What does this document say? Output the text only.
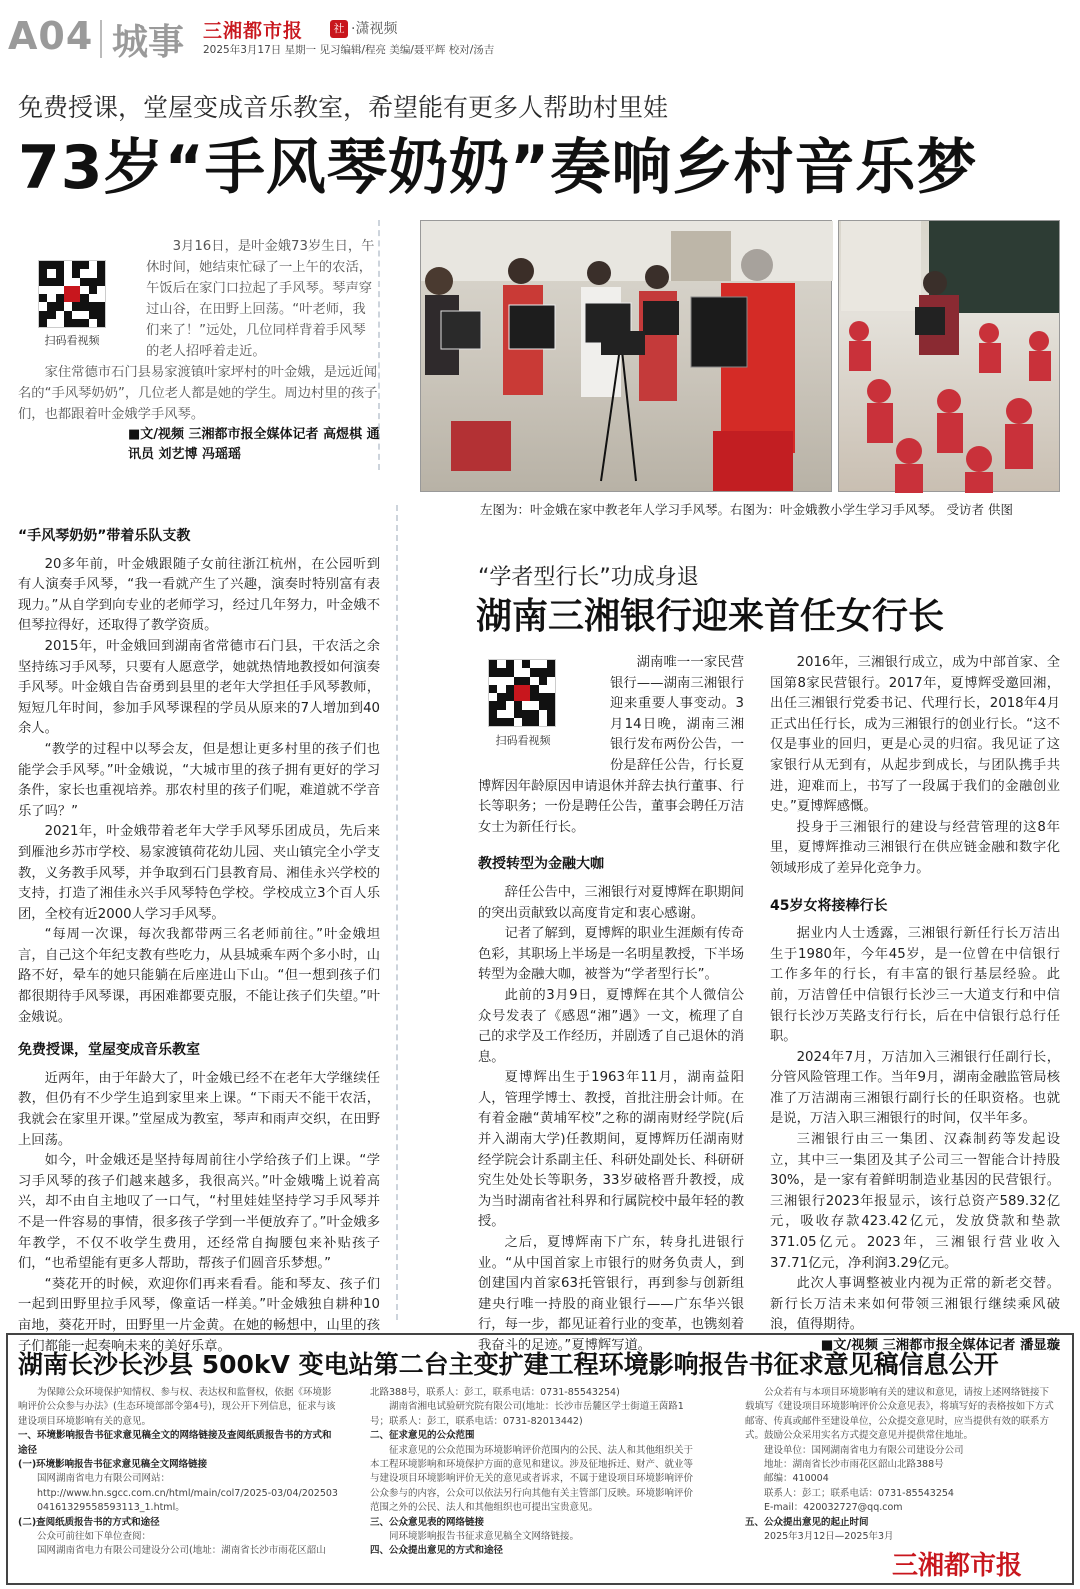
A04 城事 三湘都市报	社 ·潇视频
2025年3月17日 星期一 见习编辑/程亮 美编/聂平辉 校对/汤吉
免费授课，堂屋变成音乐教室，希望能有更多人帮助村里娃
73岁“手风琴奶奶”奏响乡村音乐梦
扫码看视频
3月16日，是叶金娥73岁生日，午休时间，她结束忙碌了一上午的农活，午饭后在家门口拉起了手风琴。琴声穿过山谷，在田野上回荡。“叶老师，我们来了！”远处，几位同样背着手风琴的老人招呼着走近。
家住常德市石门县易家渡镇叶家坪村的叶金娥，是远近闻名的“手风琴奶奶”，几位老人都是她的学生。周边村里的孩子们，也都跟着叶金娥学手风琴。
■文/视频 三湘都市报全媒体记者 高煜棋 通讯员 刘艺博 冯瑶瑶
左图为：叶金娥在家中教老年人学习手风琴。右图为：叶金娥教小学生学习手风琴。 受访者 供图
“手风琴奶奶”带着乐队支教

20多年前，叶金娥跟随子女前往浙江杭州，在公园听到有人演奏手风琴，“我一看就产生了兴趣，演奏时特别富有表现力。”从自学到向专业的老师学习，经过几年努力，叶金娥不但琴拉得好，还取得了教学资质。

2015年，叶金娥回到湖南省常德市石门县，干农活之余坚持练习手风琴，只要有人愿意学，她就热情地教授如何演奏手风琴。叶金娥自告奋勇到县里的老年大学担任手风琴教师，短短几年时间，参加手风琴课程的学员从原来的7人增加到40余人。

“教学的过程中以琴会友，但是想让更多村里的孩子们也能学会手风琴。”叶金娥说，“大城市里的孩子拥有更好的学习条件，家长也重视培养。那农村里的孩子们呢，难道就不学音乐了吗？”

2021年，叶金娥带着老年大学手风琴乐团成员，先后来到雁池乡苏市学校、易家渡镇荷花幼儿园、夹山镇完全小学支教，义务教手风琴，并争取到石门县教育局、湘佳永兴学校的支持，打造了湘佳永兴手风琴特色学校。学校成立3个百人乐团，全校有近2000人学习手风琴。

“每周一次课，每次我都带两三名老师前往。”叶金娥坦言，自己这个年纪支教有些吃力，从县城乘车两个多小时，山路不好，晕车的她只能躺在后座进山下山。“但一想到孩子们都很期待手风琴课，再困难都要克服，不能让孩子们失望。”叶金娥说。

免费授课，堂屋变成音乐教室

近两年，由于年龄大了，叶金娥已经不在老年大学继续任教，但仍有不少学生追到家里来上课。“下雨天不能干农活，我就会在家里开课。”堂屋成为教室，琴声和雨声交织，在田野上回荡。

如今，叶金娥还是坚持每周前往小学给孩子们上课。“学习手风琴的孩子们越来越多，我很高兴。”叶金娥嘴上说着高兴，却不由自主地叹了一口气，“村里娃娃坚持学习手风琴并不是一件容易的事情，很多孩子学到一半便放弃了。”叶金娥多年教学，不仅不收学生费用，还经常自掏腰包来补贴孩子们，“也希望能有更多人帮助，帮孩子们圆音乐梦想。”

“葵花开的时候，欢迎你们再来看看。能和琴友、孩子们一起到田野里拉手风琴，像童话一样美。”叶金娥独自耕种10亩地，葵花开时，田野里一片金黄。在她的畅想中，山里的孩子们都能一起奏响未来的美好乐章。

“学者型行长”功成身退
湖南三湘银行迎来首任女行长
扫码看视频

湖南唯一一家民营银行——湖南三湘银行迎来重要人事变动。3月14日晚，湖南三湘银行发布两份公告，一份是辞任公告，行长夏博辉因年龄原因申请退休并辞去执行董事、行长等职务；一份是聘任公告，董事会聘任万洁女士为新任行长。

教授转型为金融大咖

辞任公告中，三湘银行对夏博辉在职期间的突出贡献致以高度肯定和衷心感谢。

记者了解到，夏博辉的职业生涯颇有传奇色彩，其职场上半场是一名明星教授，下半场转型为金融大咖，被誉为“学者型行长”。

此前的3月9日，夏博辉在其个人微信公众号发表了《感恩“湘”遇》一文，梳理了自己的求学及工作经历，并剧透了自己退休的消息。

夏博辉出生于1963年11月，湖南益阳人，管理学博士、教授，首批注册会计师。在有着金融“黄埔军校”之称的湖南财经学院(后并入湖南大学)任教期间，夏博辉历任湖南财经学院会计系副主任、科研处副处长、科研研究生处处长等职务，33岁破格晋升教授，成为当时湖南省社科界和行属院校中最年轻的教授。

之后，夏博辉南下广东，转身扎进银行业。“从中国首家上市银行的财务负责人，到创建国内首家63托管银行，再到参与创新组建央行唯一持股的商业银行——广东华兴银行，每一步，都见证着行业的变革，也镌刻着我奋斗的足迹。”夏博辉写道。

2016年，三湘银行成立，成为中部首家、全国第8家民营银行。2017年，夏博辉受邀回湘，出任三湘银行党委书记、代理行长，2018年4月正式出任行长，成为三湘银行的创业行长。“这不仅是事业的回归，更是心灵的归宿。我见证了这家银行从无到有，从起步到成长，与团队携手共进，迎难而上，书写了一段属于我们的金融创业史。”夏博辉感慨。

投身于三湘银行的建设与经营管理的这8年里，夏博辉推动三湘银行在供应链金融和数字化领域形成了差异化竞争力。

45岁女将接棒行长

据业内人士透露，三湘银行新任行长万洁出生于1980年，今年45岁，是一位曾在中信银行工作多年的行长，有丰富的银行基层经验。此前，万洁曾任中信银行长沙三一大道支行和中信银行长沙万芙路支行行长，后在中信银行总行任职。

2024年7月，万洁加入三湘银行任副行长，分管风险管理工作。当年9月，湖南金融监管局核准了万洁湖南三湘银行副行长的任职资格。也就是说，万洁入职三湘银行的时间，仅半年多。

三湘银行由三一集团、汉森制药等发起设立，其中三一集团及其子公司三一智能合计持股30%，是一家有着鲜明制造业基因的民营银行。三湘银行2023年报显示，该行总资产589.32亿元，吸收存款423.42亿元，发放贷款和垫款371.05亿元。2023年，三湘银行营业收入37.71亿元，净利润3.29亿元。

此次人事调整被业内视为正常的新老交替。新行长万洁未来如何带领三湘银行继续乘风破浪，值得期待。

■文/视频 三湘都市报全媒体记者 潘显璇

湖南长沙长沙县 500kV 变电站第二台主变扩建工程环境影响报告书征求意见稿信息公开
为保障公众环境保护知情权、参与权、表达权和监督权，依据《环境影响评价公众参与办法》(生态环境部部令第4号)，现公开下列信息，征求与该建设项目环境影响有关的意见。
一、环境影响报告书征求意见稿全文的网络链接及查阅纸质报告书的方式和途径
(一)环境影响报告书征求意见稿全文网络链接
国网湖南省电力有限公司网站：
http://www.hn.sgcc.com.cn/html/main/col7/2025-03/04/20250304161329558593113_1.html。
(二)查阅纸质报告书的方式和途径
公众可前往如下单位查阅：
国网湖南省电力有限公司建设分公司(地址：湖南省长沙市雨花区韶山
北路388号，联系人：彭工，联系电话：0731-85543254)
湖南省湘电试验研究院有限公司(地址：长沙市岳麓区学士街道王茵路1号；联系人：彭工，联系电话：0731-82013442)
二、征求意见的公众范围
征求意见的公众范围为环境影响评价范围内的公民、法人和其他组织关于本工程环境影响和环境保护方面的意见和建议。涉及征地拆迁、财产、就业等与建设项目环境影响评价无关的意见或者诉求，不属于建设项目环境影响评价公众参与的内容，公众可以依法另行向其他有关主管部门反映。环境影响评价范围之外的公民、法人和其他组织也可提出宝贵意见。
三、公众意见表的网络链接
同环境影响报告书征求意见稿全文网络链接。
四、公众提出意见的方式和途径
公众若有与本项目环境影响有关的建议和意见，请按上述网络链接下载填写《建设项目环境影响评价公众意见表》，将填写好的表格按如下方式邮寄、传真或邮件至建设单位，公众提交意见时，应当提供有效的联系方式。鼓励公众采用实名方式提交意见并提供常住地址。
建设单位：国网湖南省电力有限公司建设分公司
地址：湖南省长沙市雨花区韶山北路388号
邮编：410004
联系人：彭工；联系电话：0731-85543254
E-mail：420032727@qq.com
五、公众提出意见的起止时间
2025年3月12日—2025年3月
三湘都市报
